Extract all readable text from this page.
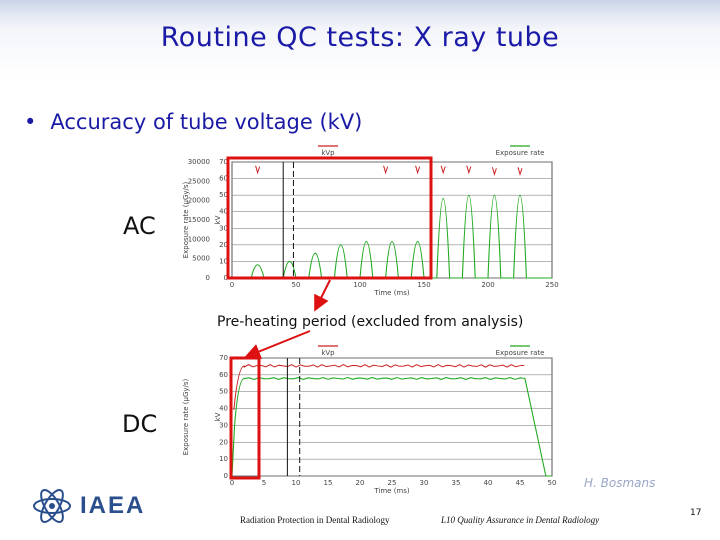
Routine QC tests: X ray tube
• Accuracy of tube voltage (kV)
AC
DC
0
10
20
30
40
50
60
70
0
5000
10000
15000
20000
25000
30000
0	50	100	150	200	250
Time (ms)
Exposure rate (µGy/s)	kV
kVp	Exposure rate
0
10
20
30
40
50
60
70
0	5	10	15	20	25	30	35	40	45	50
Time (ms)
Exposure rate (µGy/s)	kV
kVp	Exposure rate
Pre-heating period (excluded from analysis)
H. Bosmans
IAEA
Radiation Protection in Dental Radiology	L10 Quality Assurance in Dental Radiology
17
